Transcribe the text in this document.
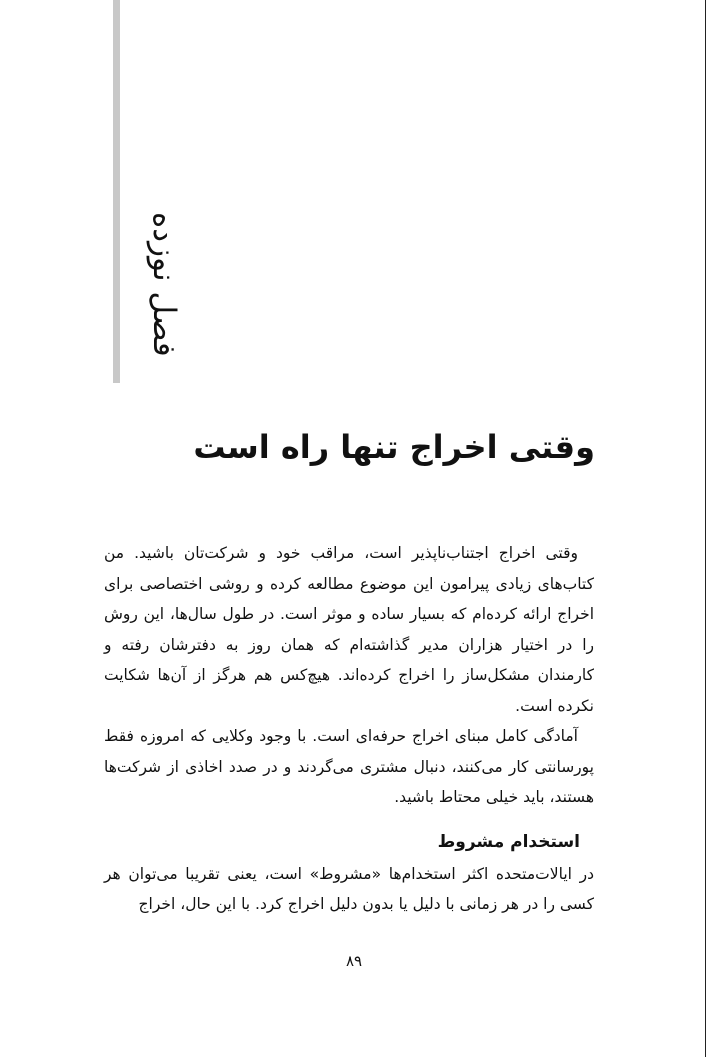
فصل نوزده
وقتی اخراج تنها راه است

وقتی اخراج اجتناب‌ناپذیر است، مراقب خود و شرکت‌تان باشید. من کتاب‌های زیادی پیرامون این موضوع مطالعه کرده و روشی اختصاصی برای اخراج ارائه کرده‌ام که بسیار ساده و موثر است. در طول سال‌ها، این روش را در اختیار هزاران مدیر گذاشته‌ام که همان روز به دفترشان رفته و کارمندان مشکل‌ساز را اخراج کرده‌اند. هیچ‌کس هم هرگز از آن‌ها شکایت نکرده است.

آمادگی کامل مبنای اخراج حرفه‌ای است. با وجود وکلایی که امروزه فقط پورسانتی کار می‌کنند، دنبال مشتری می‌گردند و در صدد اخاذی از شرکت‌ها هستند، باید خیلی محتاط باشید.

استخدام مشروط

در ایالات‌متحده اکثر استخدام‌ها «مشروط» است، یعنی تقریبا می‌توان هر کسی را در هر زمانی با دلیل یا بدون دلیل اخراج کرد. با این حال، اخراج

۸۹
